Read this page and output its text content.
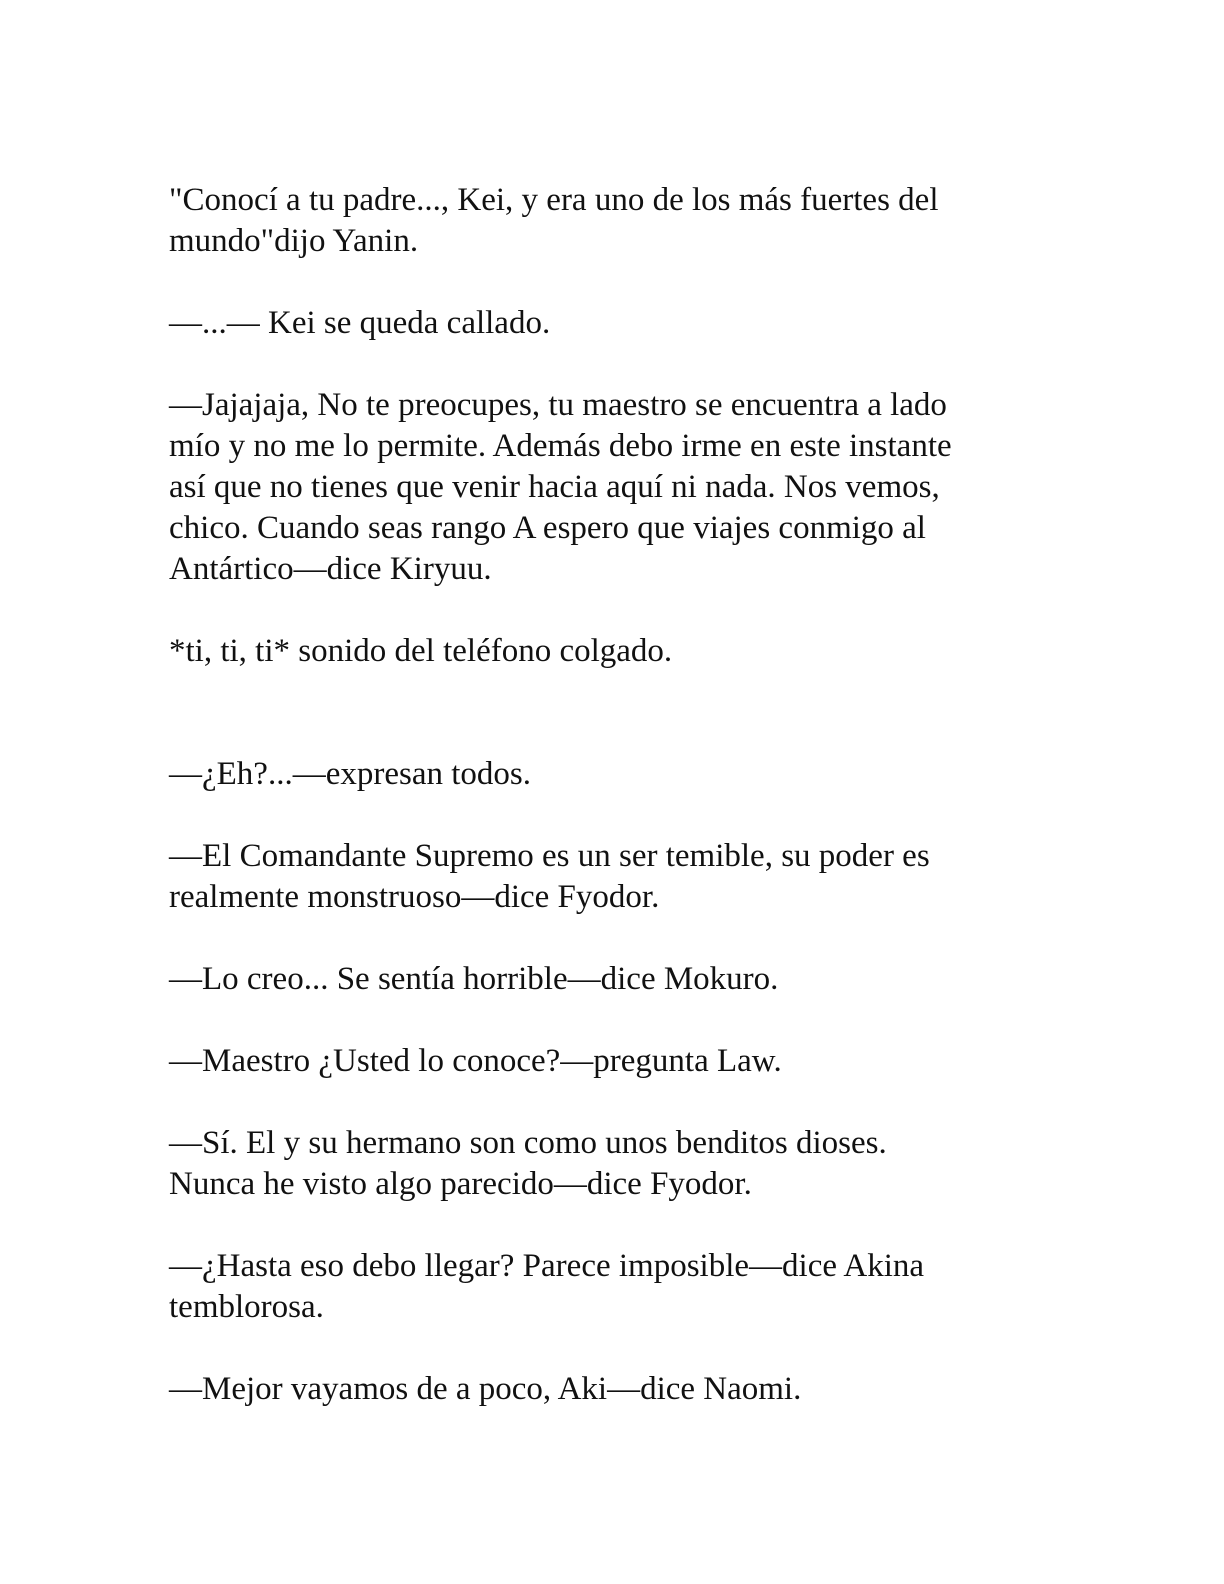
"Conocí a tu padre..., Kei, y era uno de los más fuertes del
mundo"dijo Yanin.

—...— Kei se queda callado.

—Jajajaja, No te preocupes, tu maestro se encuentra a lado
mío y no me lo permite. Además debo irme en este instante
así que no tienes que venir hacia aquí ni nada. Nos vemos,
chico. Cuando seas rango A espero que viajes conmigo al
Antártico—dice Kiryuu.

*ti, ti, ti* sonido del teléfono colgado.

—¿Eh?...—expresan todos.

—El Comandante Supremo es un ser temible, su poder es
realmente monstruoso—dice Fyodor.

—Lo creo... Se sentía horrible—dice Mokuro.

—Maestro ¿Usted lo conoce?—pregunta Law.

—Sí. El y su hermano son como unos benditos dioses.
Nunca he visto algo parecido—dice Fyodor.

—¿Hasta eso debo llegar? Parece imposible—dice Akina
temblorosa.

—Mejor vayamos de a poco, Aki—dice Naomi.
